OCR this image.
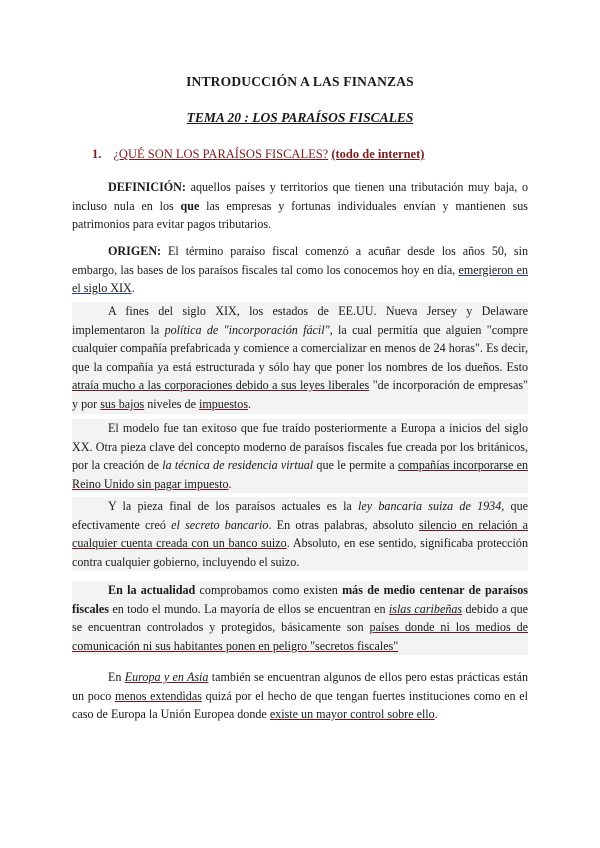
INTRODUCCIÓN A LAS FINANZAS
TEMA 20 : LOS PARAÍSOS FISCALES
1. ¿QUÉ SON LOS PARAÍSOS FISCALES? (todo de internet)
DEFINICIÓN: aquellos países y territorios que tienen una tributación muy baja, o incluso nula en los que las empresas y fortunas individuales envían y mantienen sus patrimonios para evitar pagos tributarios.
ORIGEN: El término paraíso fiscal comenzó a acuñar desde los años 50, sin embargo, las bases de los paraísos fiscales tal como los conocemos hoy en día, emergieron en el siglo XIX.
A fines del siglo XIX, los estados de EE.UU. Nueva Jersey y Delaware implementaron la política de "incorporación fácil", la cual permitía que alguien "compre cualquier compañía prefabricada y comience a comercializar en menos de 24 horas". Es decir, que la compañía ya está estructurada y sólo hay que poner los nombres de los dueños. Esto atraía mucho a las corporaciones debido a sus leyes liberales "de incorporación de empresas" y por sus bajos niveles de impuestos.
El modelo fue tan exitoso que fue traído posteriormente a Europa a inicios del siglo XX. Otra pieza clave del concepto moderno de paraísos fiscales fue creada por los británicos, por la creación de la técnica de residencia virtual que le permite a compañías incorporarse en Reino Unido sin pagar impuesto.
Y la pieza final de los paraísos actuales es la ley bancaria suiza de 1934, que efectivamente creó el secreto bancario. En otras palabras, absoluto silencio en relación a cualquier cuenta creada con un banco suizo. Absoluto, en ese sentido, significaba protección contra cualquier gobierno, incluyendo el suizo.
En la actualidad comprobamos como existen más de medio centenar de paraísos fiscales en todo el mundo. La mayoría de ellos se encuentran en islas caribeñas debido a que se encuentran controlados y protegidos, básicamente son países donde ni los medios de comunicación ni sus habitantes ponen en peligro "secretos fiscales"
En Europa y en Asia también se encuentran algunos de ellos pero estas prácticas están un poco menos extendidas quizá por el hecho de que tengan fuertes instituciones como en el caso de Europa la Unión Europea donde existe un mayor control sobre ello.
